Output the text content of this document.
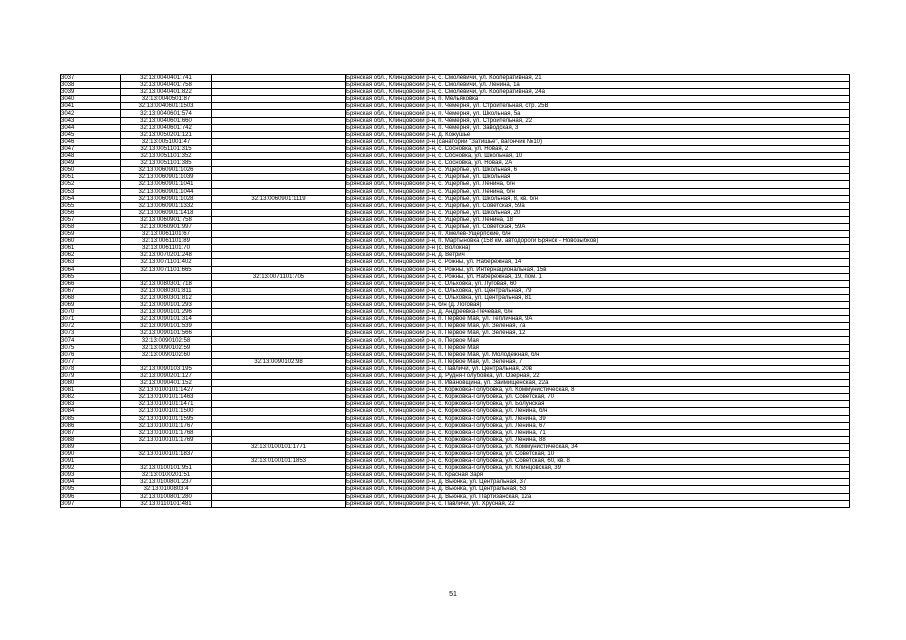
3037	32:13:0040401:741		Брянская обл., Клинцовский р-н, с. Смолевичи, ул. Кооперативная, 21
3038	32:13:0040401:758		Брянская обл., Клинцовский р-н, с. Смолевичи, ул. Ленина, 1а
3039	32:13:0040401:822		Брянская обл., Клинцовский р-н, с. Смолевичи, ул. Кооперативная, 24а
3040	32:13:0040501:87		Брянская обл., Клинцовский р-н, п. Мельяковка
3041	32:13:0040601:1503		Брянская обл., Клинцовский р-н, п. Чемерня, ул. Строительная, стр. 25В
3042	32:13:0040601:574		Брянская обл., Клинцовский р-н, п. Чемерня, ул. Школьная, 5а
3043	32:13:0040601:660		Брянская обл., Клинцовский р-н, п. Чемерня, ул. Строительная, 22
3044	32:13:0040601:742		Брянская обл., Клинцовский р-н, п. Чемерня, ул. Заводская, 3
3045	32:13:0050201:121		Брянская обл., Клинцовский р-н, д. Кожушье
3046	32:13:0051001:47		Брянская обл., Клинцовский р-н (санаторий "Затишье", вагончик №10)
3047	32:13:0051101:315		Брянская обл., Клинцовский р-н, с. Сосновка, ул. Новая, 2
3048	32:13:0051101:352		Брянская обл., Клинцовский р-н, с. Сосновка, ул. Школьная, 10
3049	32:13:0051101:385		Брянская обл., Клинцовский р-н, с. Сосновка, ул. Новая, 2А
3050	32:13:0060901:1026		Брянская обл., Клинцовский р-н, с. Ущерпье, ул. Школьная, 6
3051	32:13:0060901:1039		Брянская обл., Клинцовский р-н, с. Ущерпье, ул. Школьная
3052	32:13:0060901:1041		Брянская обл., Клинцовский р-н, с. Ущерпье, ул. Ленина, б/н
3053	32:13:0060901:1044		Брянская обл., Клинцовский р-н, с. Ущерпье, ул. Ленина, б/н
3054	32:13:0060901:1028	32:13:0060901:1119	Брянская обл., Клинцовский р-н, с. Ущерпье, ул. Школьная, 8, кв. б/н
3055	32:13:0060901:1332		Брянская обл., Клинцовский р-н, с. Ущерпье, ул. Советская, 59а
3056	32:13:0060901:1418		Брянская обл., Клинцовский р-н, с. Ущерпье, ул. Школьная, 20
3057	32:13:0060901:758		Брянская обл., Клинцовский р-н, с. Ущерпье, ул. Ленина, 18
3058	32:13:0060901:997		Брянская обл., Клинцовский р-н, с. Ущерпье, ул. Советская, 59А
3059	32:13:0061101:67		Брянская обл., Клинцовский р-н, п. Хмелев-Ущерпские, б/н
3060	32:13:0061101:89		Брянская обл., Клинцовский р-н, п. Мартыновка (158 км. автодороги Брянск - Новозыбков)
3061	32:13:0061101:70		Брянская обл., Клинцовский р-н (с. Волокна)
3062	32:13:0070201:248		Брянская обл., Клинцовский р-н, д. Ветрич
3063	32:13:0071101:402		Брянская обл., Клинцовский р-н, с. Рожны, ул. Набережная, 14
3064	32:13:0071101:665		Брянская обл., Клинцовский р-н, с. Рожны, ул. Интернациональная, 15в
3065		32:13:0071101:705	Брянская обл., Клинцовский р-н, с. Рожны, ул. Набережная, 19, пом. 1
3066	32:13:0080301:718		Брянская обл., Клинцовский р-н, с. Ольховка, ул. Луговая, 60
3067	32:13:0080301:811		Брянская обл., Клинцовский р-н, с. Ольховка, ул. Центральная, 79
3068	32:13:0080301:812		Брянская обл., Клинцовский р-н, с. Ольховка, ул. Центральная, 81
3069	32:13:0090101:293		Брянская обл., Клинцовский р-н, б/н (д. Логовая)
3070	32:13:0090101:296		Брянская обл., Клинцовский р-н, д. Андреевка-Печевая, б/н
3071	32:13:0090101:314		Брянская обл., Клинцовский р-н, п. Первое Мая, ул. Тепличная, 9А
3072	32:13:0090101:539		Брянская обл., Клинцовский р-н, п. Первое Мая, ул. Зеленая, 7а
3073	32:13:0090101:566		Брянская обл., Клинцовский р-н, п. Первое Мая, ул. Зеленая, 12
3074	32:13:0090102:58		Брянская обл., Клинцовский р-н, п. Первое Мая
3075	32:13:0090102:59		Брянская обл., Клинцовский р-н, п. Первое Мая
3076	32:13:0090102:60		Брянская обл., Клинцовский р-н, п. Первое Мая, ул. Молодежная, б/н
3077		32:13:0090102:98	Брянская обл., Клинцовский р-н, п. Первое Мая, ул. Зеленая, 7
3078	32:13:0090103:195		Брянская обл., Клинцовский р-н, с. Павличи, ул. Центральная, 20в
3079	32:13:0090201:127		Брянская обл., Клинцовский р-н, д. Рудня-Голубовка, ул. Озерная, 22
3080	32:13:0090401:152		Брянская обл., Клинцовский р-н, п. Ивановщина, ул. Займищенская, 22а
3081	32:13:0100101:1427		Брянская обл., Клинцовский р-н, с. Коржовка-Голубовка, ул. Коммунистическая, 8
3082	32:13:0100101:1463		Брянская обл., Клинцовский р-н, с. Коржовка-Голубовка, ул. Советская, 70
3083	32:13:0100101:1471		Брянская обл., Клинцовский р-н, с. Коржовка-Голубовка, ул. Болунская
3084	32:13:0100101:1500		Брянская обл., Клинцовский р-н, с. Коржовка-Голубовка, ул. Ленина, б/н
3085	32:13:0100101:1595		Брянская обл., Клинцовский р-н, с. Коржовка-Голубовка, ул. Ленина, 39
3086	32:13:0100101:1767		Брянская обл., Клинцовский р-н, с. Коржовка-Голубовка, ул. Ленина, 67
3087	32:13:0100101:1768		Брянская обл., Клинцовский р-н, с. Коржовка-Голубовка, ул. Ленина, 71
3088	32:13:0100101:1769		Брянская обл., Клинцовский р-н, с. Коржовка-Голубовка, ул. Ленина, 88
3089		32:13:0100101:1771	Брянская обл., Клинцовский р-н, с. Коржовка-Голубовка, ул. Коммунистическая, 34
3090	32:13:0100101:1837		Брянская обл., Клинцовский р-н, с. Коржовка-Голубовка, ул. Советская, 10
3091		32:13:0100101:1853	Брянская обл., Клинцовский р-н, с. Коржовка-Голубовка, ул. Советская, 60, кв. 8
3092	32:13:0100101:951		Брянская обл., Клинцовский р-н, с. Коржовка-Голубовка, ул. Клинцовская, 39
3093	32:13:0100201:51		Брянская обл., Клинцовский р-н, п. Красная Заря
3094	32:13:0100801:237		Брянская обл., Клинцовский р-н, д. Вьюнка, ул. Центральная, 37
3095	32:13:0100803:4		Брянская обл., Клинцовский р-н, д. Вьюнка, ул. Центральная, 53
3096	32:13:0100801:280		Брянская обл., Клинцовский р-н, д. Вьюнка, ул. Партизанская, 12а
3097	32:13:0110101:481		Брянская обл., Клинцовский р-н, с. Павличи, ул. Хрусная, 22
51
